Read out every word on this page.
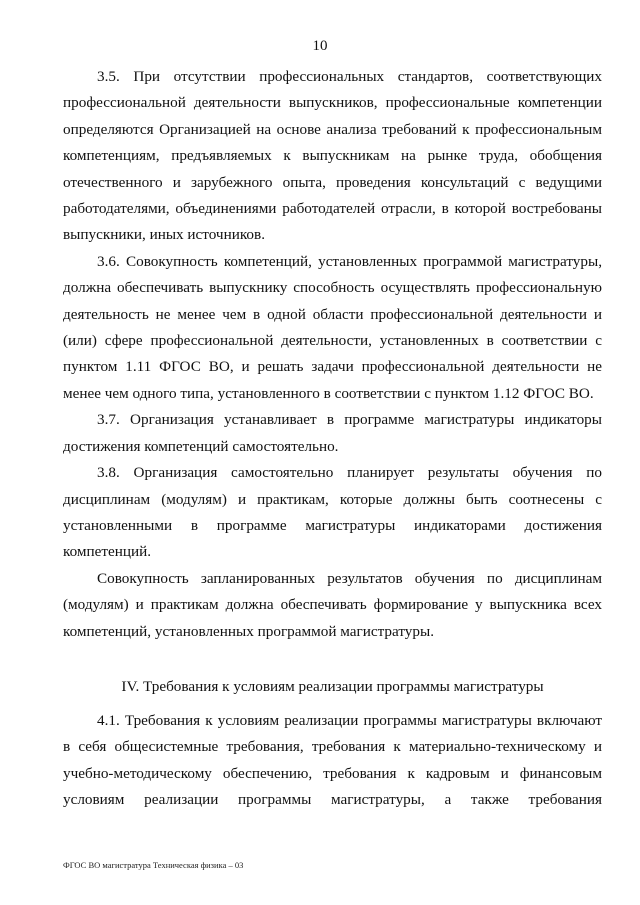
10

3.5. При отсутствии профессиональных стандартов, соответствующих профессиональной деятельности выпускников, профессиональные компетенции определяются Организацией на основе анализа требований к профессиональным компетенциям, предъявляемых к выпускникам на рынке труда, обобщения отечественного и зарубежного опыта, проведения консультаций с ведущими работодателями, объединениями работодателей отрасли, в которой востребованы выпускники, иных источников.

3.6. Совокупность компетенций, установленных программой магистратуры, должна обеспечивать выпускнику способность осуществлять профессиональную деятельность не менее чем в одной области профессиональной деятельности и (или) сфере профессиональной деятельности, установленных в соответствии с пунктом 1.11 ФГОС ВО, и решать задачи профессиональной деятельности не менее чем одного типа, установленного в соответствии с пунктом 1.12 ФГОС ВО.

3.7. Организация устанавливает в программе магистратуры индикаторы достижения компетенций самостоятельно.

3.8. Организация самостоятельно планирует результаты обучения по дисциплинам (модулям) и практикам, которые должны быть соотнесены с установленными в программе магистратуры индикаторами достижения компетенций.

Совокупность запланированных результатов обучения по дисциплинам (модулям) и практикам должна обеспечивать формирование у выпускника всех компетенций, установленных программой магистратуры.

IV. Требования к условиям реализации программы магистратуры

4.1. Требования к условиям реализации программы магистратуры включают в себя общесистемные требования, требования к материально-техническому и учебно-методическому обеспечению, требования к кадровым и финансовым условиям реализации программы магистратуры, а также требования

ФГОС ВО магистратура Техническая физика – 03
